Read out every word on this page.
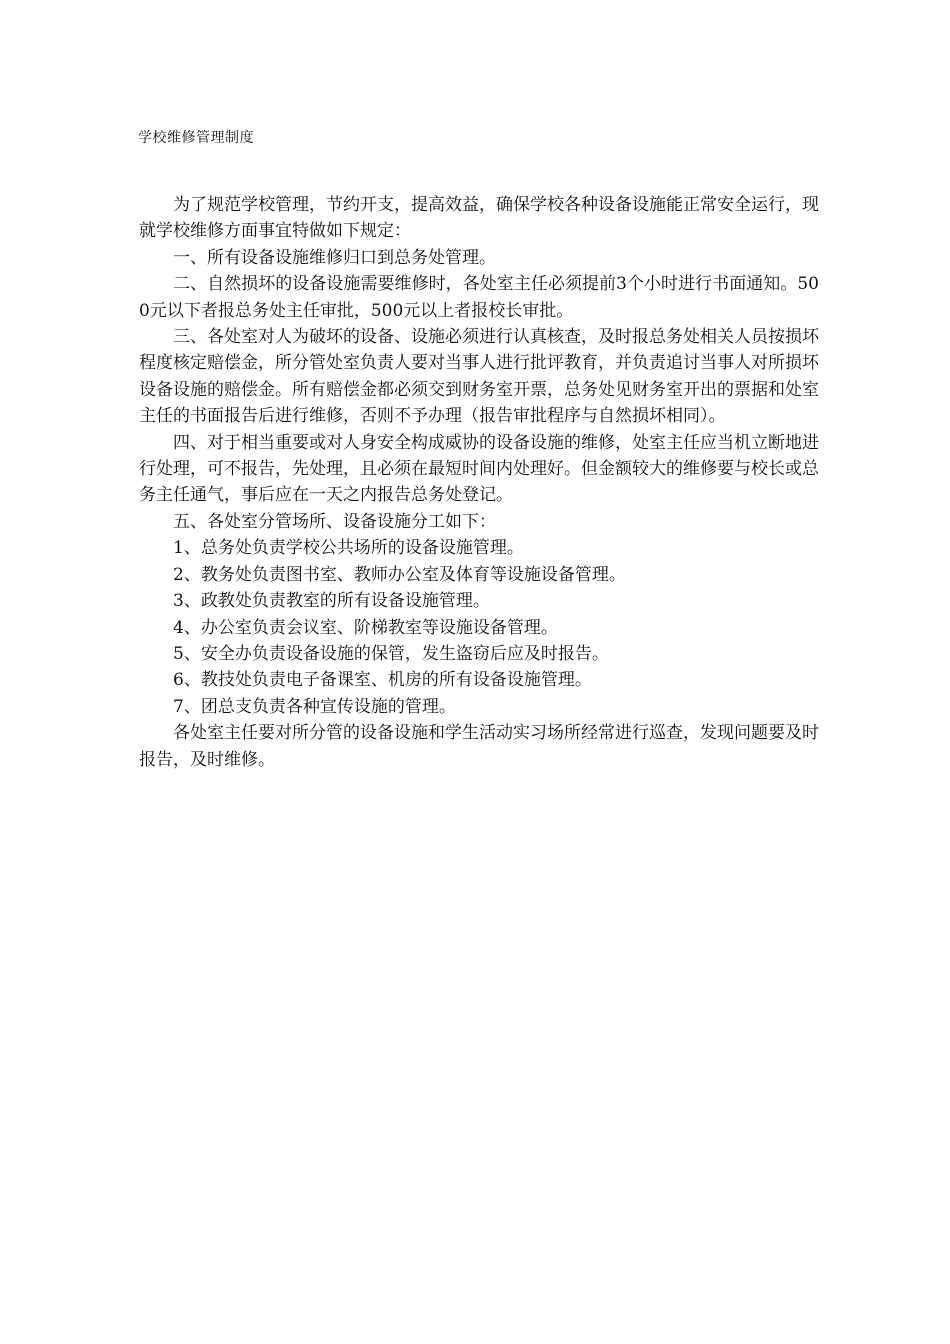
学校维修管理制度

为了规范学校管理，节约开支，提高效益，确保学校各种设备设施能正常安全运行，现就学校维修方面事宜特做如下规定：

一、所有设备设施维修归口到总务处管理。

二、自然损坏的设备设施需要维修时，各处室主任必须提前3个小时进行书面通知。500元以下者报总务处主任审批，500元以上者报校长审批。

三、各处室对人为破坏的设备、设施必须进行认真核查，及时报总务处相关人员按损坏程度核定赔偿金，所分管处室负责人要对当事人进行批评教育，并负责追讨当事人对所损坏设备设施的赔偿金。所有赔偿金都必须交到财务室开票，总务处见财务室开出的票据和处室主任的书面报告后进行维修，否则不予办理（报告审批程序与自然损坏相同）。

四、对于相当重要或对人身安全构成威协的设备设施的维修，处室主任应当机立断地进行处理，可不报告，先处理，且必须在最短时间内处理好。但金额较大的维修要与校长或总务主任通气，事后应在一天之内报告总务处登记。

五、各处室分管场所、设备设施分工如下：

1、总务处负责学校公共场所的设备设施管理。

2、教务处负责图书室、教师办公室及体育等设施设备管理。

3、政教处负责教室的所有设备设施管理。

4、办公室负责会议室、阶梯教室等设施设备管理。

5、安全办负责设备设施的保管，发生盗窃后应及时报告。

6、教技处负责电子备课室、机房的所有设备设施管理。

7、团总支负责各种宣传设施的管理。

各处室主任要对所分管的设备设施和学生活动实习场所经常进行巡查，发现问题要及时报告，及时维修。
